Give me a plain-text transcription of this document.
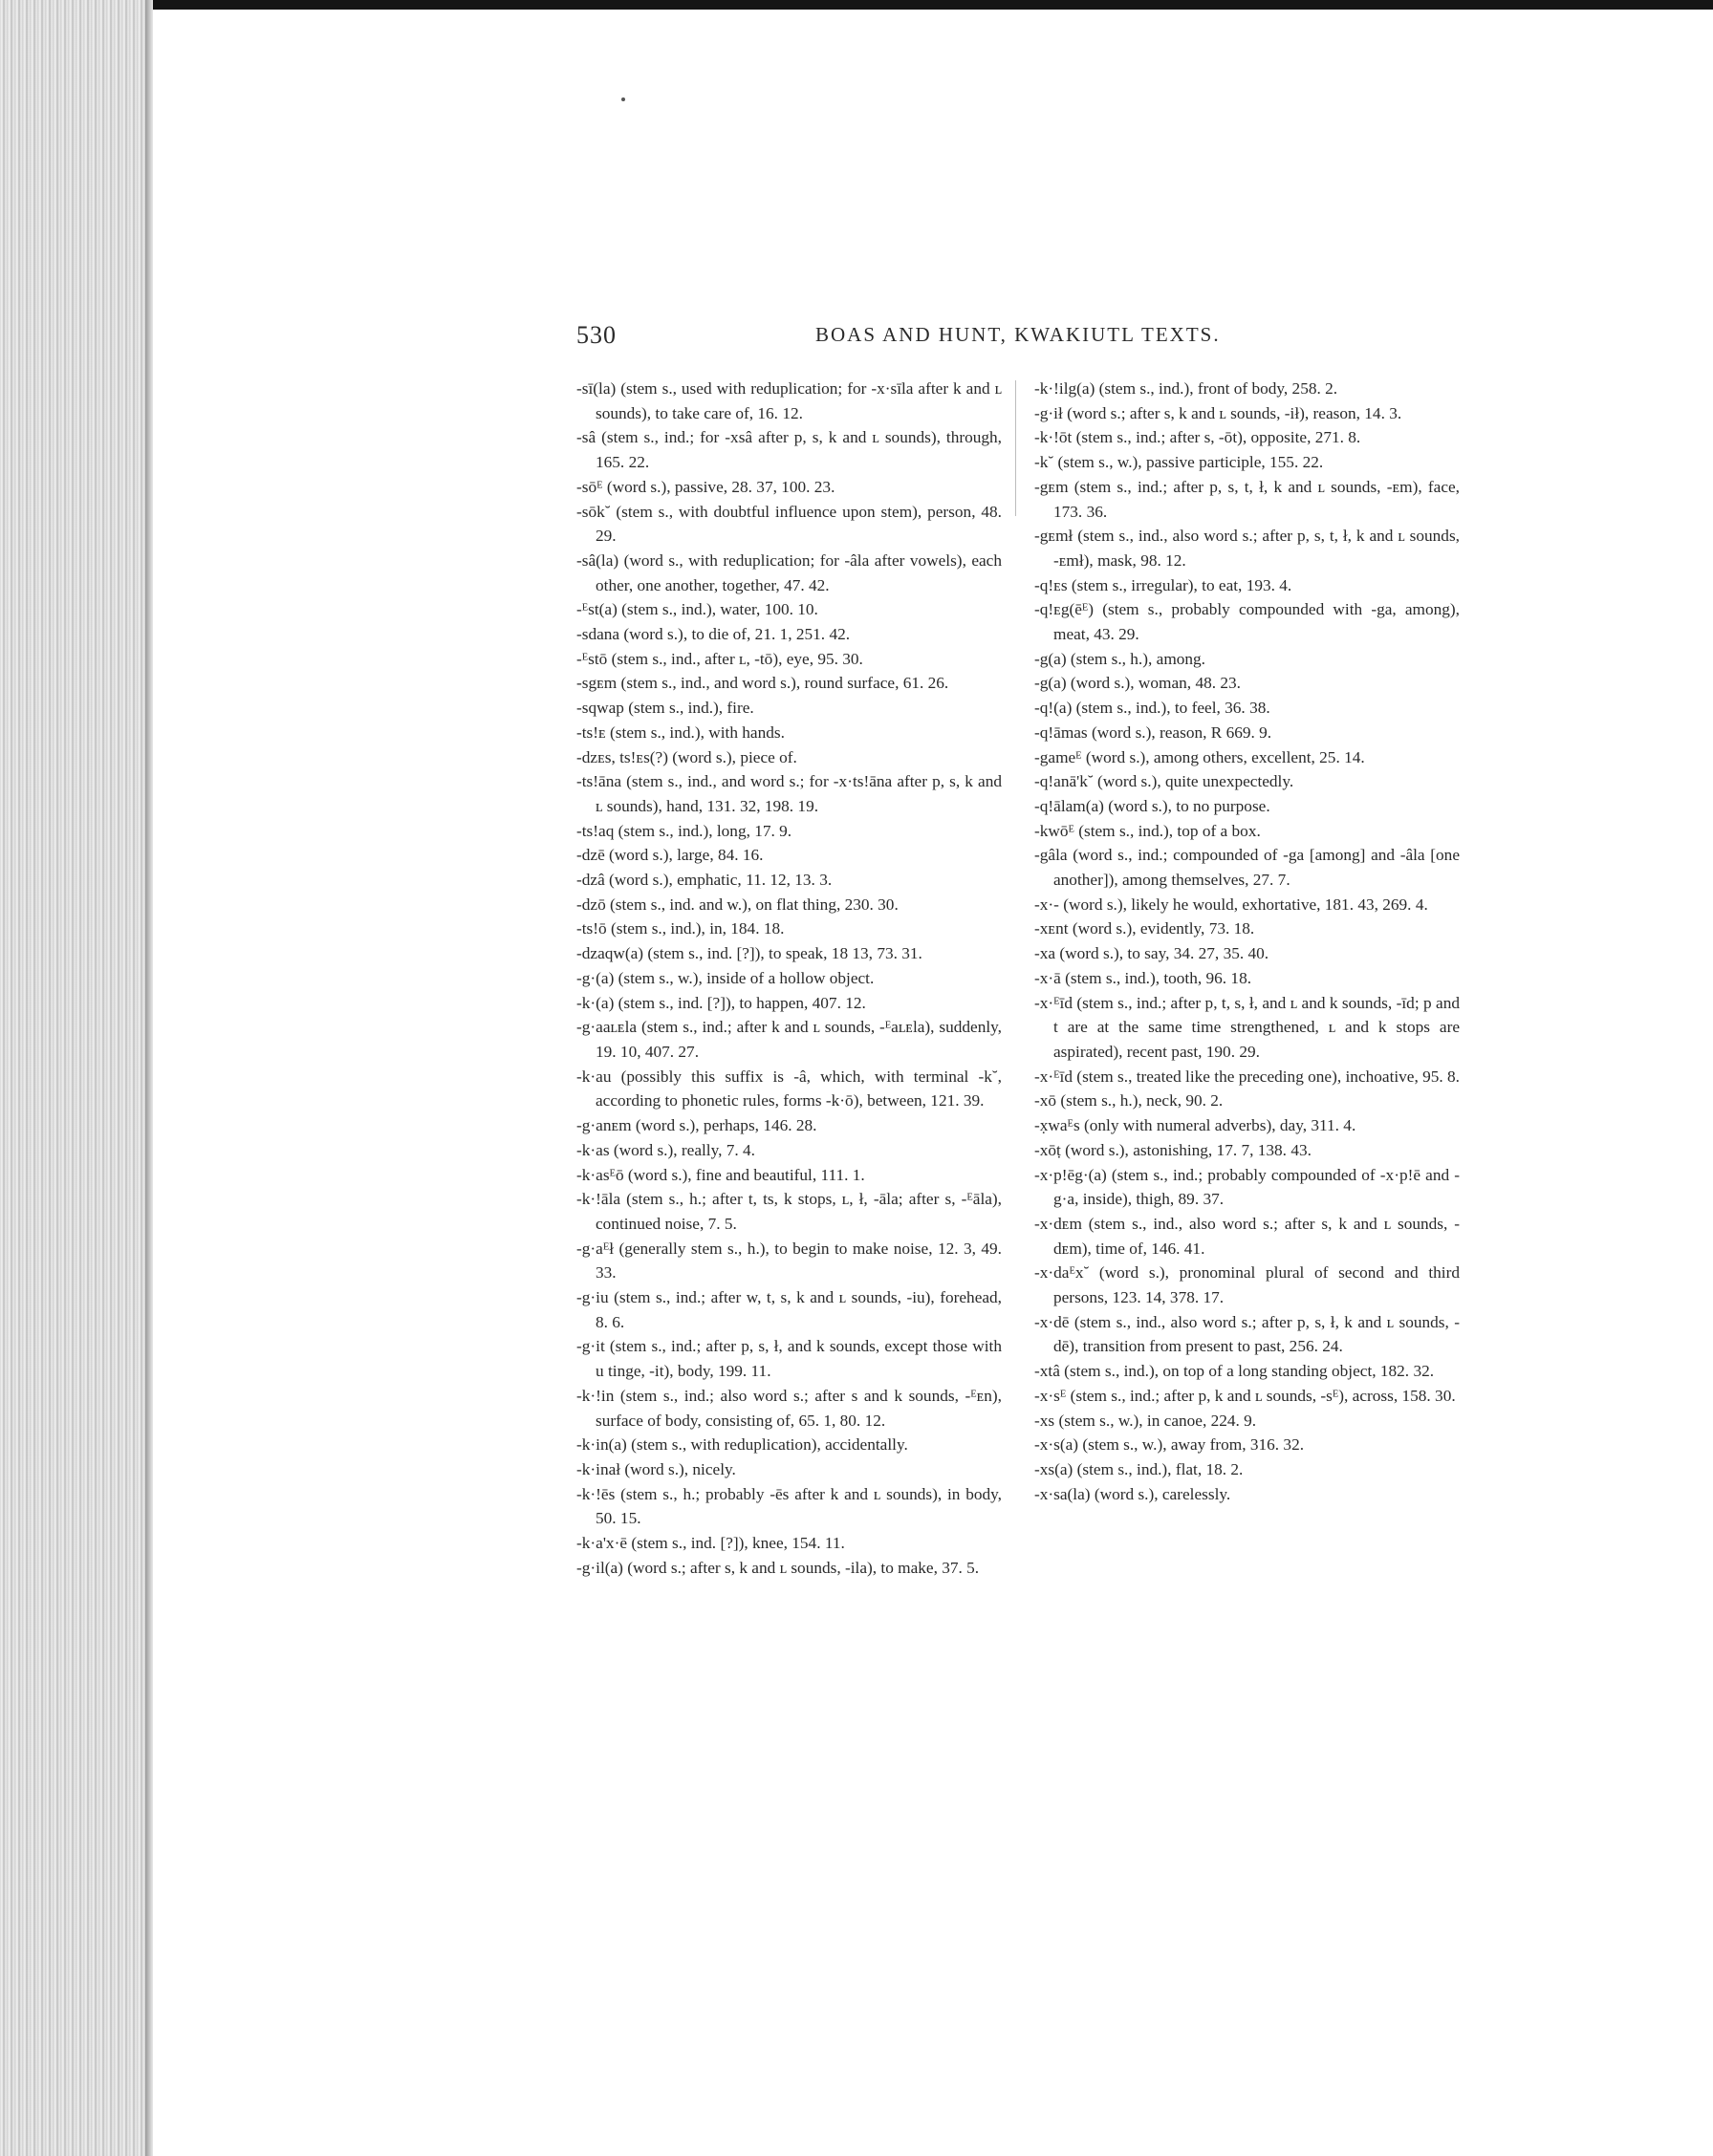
530	BOAS AND HUNT, KWAKIUTL TEXTS.

-sī(la) (stem s., used with reduplication; for -x·sīla after k and ʟ sounds), to take care of, 16. 12.

-sâ (stem s., ind.; for -xsâ after p, s, k and ʟ sounds), through, 165. 22.

-sōᴱ (word s.), passive, 28. 37, 100. 23.

-sōk˘ (stem s., with doubtful influence upon stem), person, 48. 29.

-sâ(la) (word s., with reduplication; for -âla after vowels), each other, one another, together, 47. 42.

-ᴱst(a) (stem s., ind.), water, 100. 10.

-sdana (word s.), to die of, 21. 1, 251. 42.

-ᴱstō (stem s., ind., after ʟ, -tō), eye, 95. 30.

-sgᴇm (stem s., ind., and word s.), round surface, 61. 26.

-sqwap (stem s., ind.), fire.

-ts!ᴇ (stem s., ind.), with hands.

-dzᴇs, ts!ᴇs(?) (word s.), piece of.

-ts!āna (stem s., ind., and word s.; for -x·ts!āna after p, s, k and ʟ sounds), hand, 131. 32, 198. 19.

-ts!aq (stem s., ind.), long, 17. 9.

-dzē (word s.), large, 84. 16.

-dzâ (word s.), emphatic, 11. 12, 13. 3.

-dzō (stem s., ind. and w.), on flat thing, 230. 30.

-ts!ō (stem s., ind.), in, 184. 18.

-dzaqw(a) (stem s., ind. [?]), to speak, 18 13, 73. 31.

-g·(a) (stem s., w.), inside of a hollow object.

-k·(a) (stem s., ind. [?]), to happen, 407. 12.

-g·aaʟᴇla (stem s., ind.; after k and ʟ sounds, -ᴱaʟᴇla), suddenly, 19. 10, 407. 27.

-k·au (possibly this suffix is -â, which, with terminal -k˘, according to phonetic rules, forms -k·ō), between, 121. 39.

-g·anᴇm (word s.), perhaps, 146. 28.

-k·as (word s.), really, 7. 4.

-k·asᴱō (word s.), fine and beautiful, 111. 1.

-k·!āla (stem s., h.; after t, ts, k stops, ʟ, ł, -āla; after s, -ᴱāla), continued noise, 7. 5.

-g·aᴱł (generally stem s., h.), to begin to make noise, 12. 3, 49. 33.

-g·iu (stem s., ind.; after w, t, s, k and ʟ sounds, -iu), forehead, 8. 6.

-g·it (stem s., ind.; after p, s, ł, and k sounds, except those with u tinge, -it), body, 199. 11.

-k·!in (stem s., ind.; also word s.; after s and k sounds, -ᴱᴇn), surface of body, consisting of, 65. 1, 80. 12.

-k·in(a) (stem s., with reduplication), accidentally.

-k·inał (word s.), nicely.

-k·!ēs (stem s., h.; probably -ēs after k and ʟ sounds), in body, 50. 15.

-k·a'x·ē (stem s., ind. [?]), knee, 154. 11.

-g·il(a) (word s.; after s, k and ʟ sounds, -ila), to make, 37. 5.

-k·!ilg(a) (stem s., ind.), front of body, 258. 2.

-g·ił (word s.; after s, k and ʟ sounds, -ił), reason, 14. 3.

-k·!ōt (stem s., ind.; after s, -ōt), opposite, 271. 8.

-k˘ (stem s., w.), passive participle, 155. 22.

-gᴇm (stem s., ind.; after p, s, t, ł, k and ʟ sounds, -ᴇm), face, 173. 36.

-gᴇmł (stem s., ind., also word s.; after p, s, t, ł, k and ʟ sounds, -ᴇmł), mask, 98. 12.

-q!ᴇs (stem s., irregular), to eat, 193. 4.

-q!ᴇg(ēᴱ) (stem s., probably compounded with -ga, among), meat, 43. 29.

-g(a) (stem s., h.), among.

-g(a) (word s.), woman, 48. 23.

-q!(a) (stem s., ind.), to feel, 36. 38.

-q!āmas (word s.), reason, R 669. 9.

-gameᴱ (word s.), among others, excellent, 25. 14.

-q!anā'k˘ (word s.), quite unexpectedly.

-q!ālam(a) (word s.), to no purpose.

-kwōᴱ (stem s., ind.), top of a box.

-gâla (word s., ind.; compounded of -ga [among] and -âla [one another]), among themselves, 27. 7.

-x·- (word s.), likely he would, exhortative, 181. 43, 269. 4.

-xᴇnt (word s.), evidently, 73. 18.

-xa (word s.), to say, 34. 27, 35. 40.

-x·ā (stem s., ind.), tooth, 96. 18.

-x·ᴱīd (stem s., ind.; after p, t, s, ł, and ʟ and k sounds, -īd; p and t are at the same time strengthened, ʟ and k stops are aspirated), recent past, 190. 29.

-x·ᴱīd (stem s., treated like the preceding one), inchoative, 95. 8.

-xō (stem s., h.), neck, 90. 2.

-x̣waᴱs (only with numeral adverbs), day, 311. 4.

-xōṭ (word s.), astonishing, 17. 7, 138. 43.

-x·p!ēg·(a) (stem s., ind.; probably compounded of -x·p!ē and -g·a, inside), thigh, 89. 37.

-x·dᴇm (stem s., ind., also word s.; after s, k and ʟ sounds, -dᴇm), time of, 146. 41.

-x·daᴱx˘ (word s.), pronominal plural of second and third persons, 123. 14, 378. 17.

-x·dē (stem s., ind., also word s.; after p, s, ł, k and ʟ sounds, -dē), transition from present to past, 256. 24.

-xtâ (stem s., ind.), on top of a long standing object, 182. 32.

-x·sᴱ (stem s., ind.; after p, k and ʟ sounds, -sᴱ), across, 158. 30.

-xs (stem s., w.), in canoe, 224. 9.

-x·s(a) (stem s., w.), away from, 316. 32.

-xs(a) (stem s., ind.), flat, 18. 2.

-x·sa(la) (word s.), carelessly.
